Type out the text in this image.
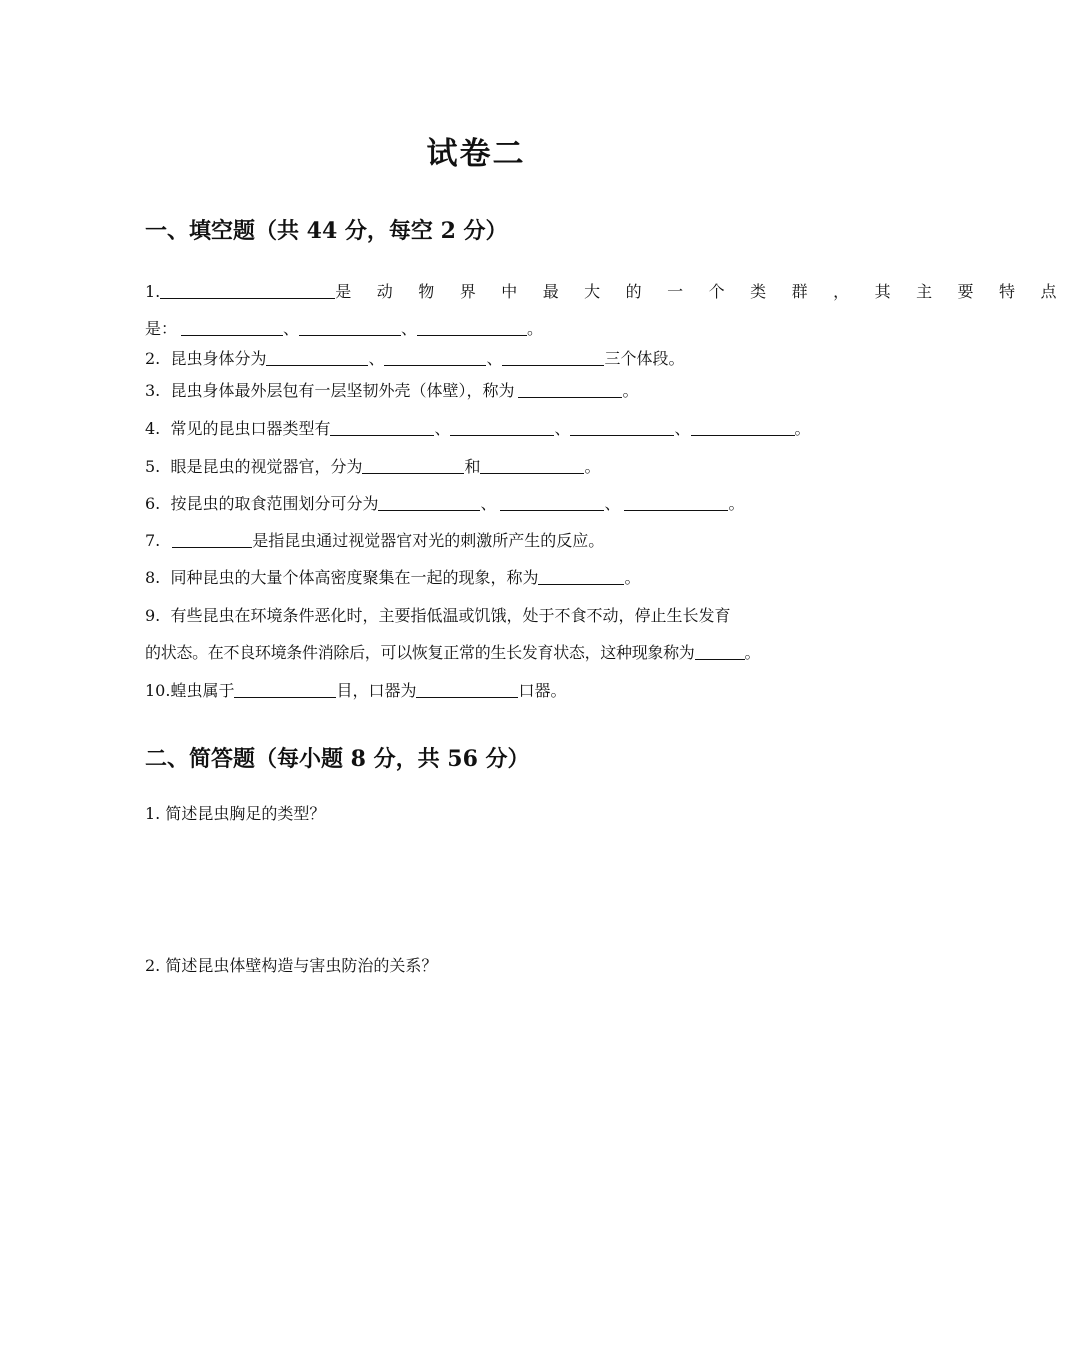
试卷二
一、填空题（共 44 分，每空 2 分）
1.	是 动 物 界 中 最 大 的 一 个 类 群 ， 其 主 要 特 点
是：	、	、	。
2. 昆虫身体分为	、	、	三个体段。
3. 昆虫身体最外层包有一层坚韧外壳（体壁），称为	。
4. 常见的昆虫口器类型有	、	、	、	。
5. 眼是昆虫的视觉器官，分为	和	。
6. 按昆虫的取食范围划分可分为	、	、	。
7.	是指昆虫通过视觉器官对光的刺激所产生的反应。
8. 同种昆虫的大量个体高密度聚集在一起的现象，称为	。
9. 有些昆虫在环境条件恶化时，主要指低温或饥饿，处于不食不动，停止生长发育
的状态。在不良环境条件消除后，可以恢复正常的生长发育状态，这种现象称为	。
10.蝗虫属于	目，口器为	口器。
二、简答题（每小题 8 分，共 56 分）
1. 简述昆虫胸足的类型？
2. 简述昆虫体壁构造与害虫防治的关系？
